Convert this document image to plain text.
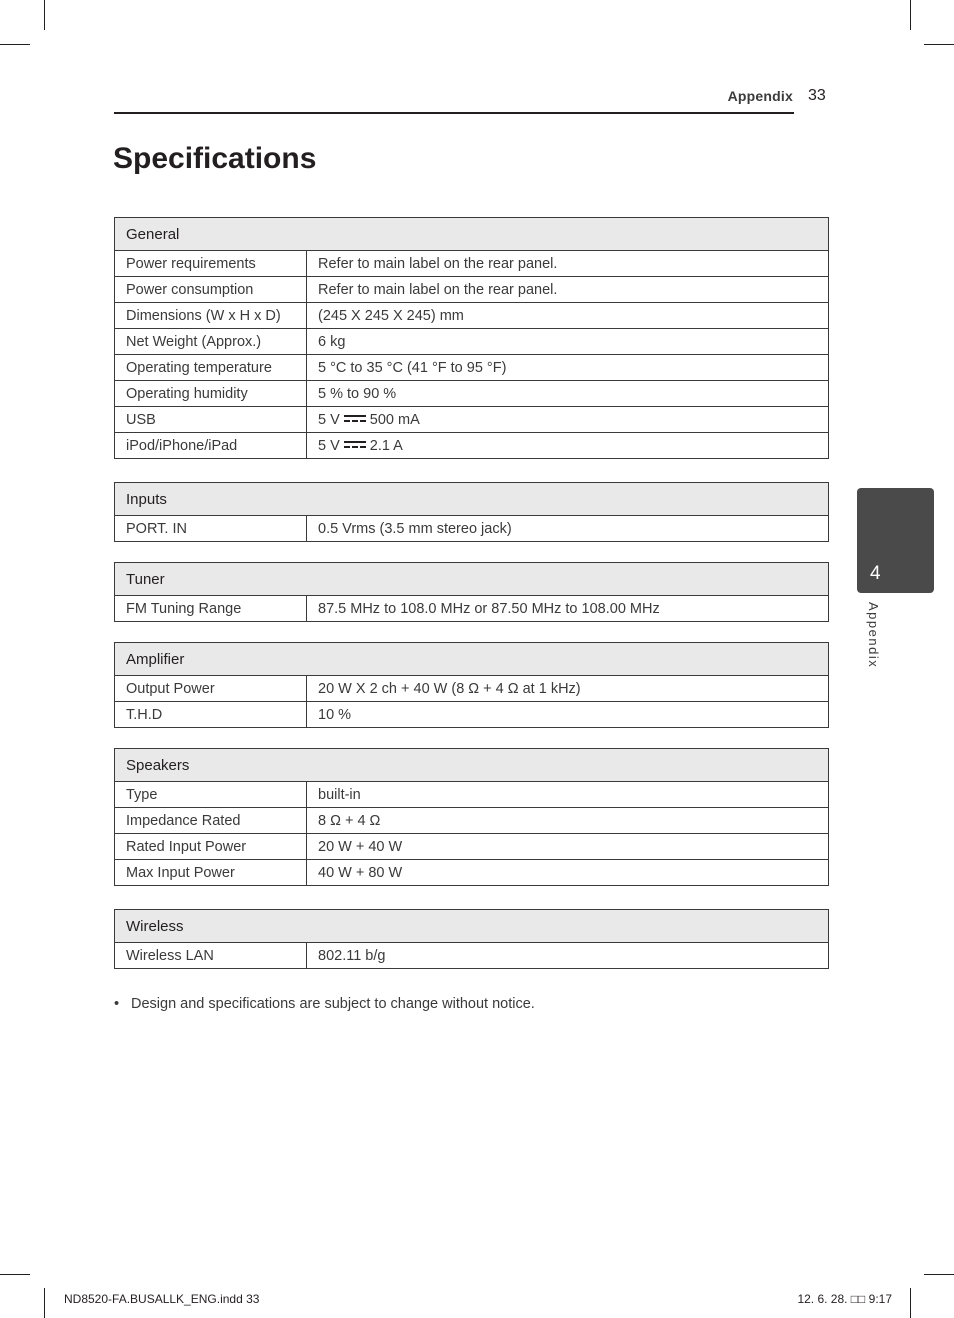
Appendix 33
Specifications
General	
Power requirements	Refer to main label on the rear panel.
Power consumption	Refer to main label on the rear panel.
Dimensions (W x H x D)	(245 X 245 X 245) mm
Net Weight (Approx.)	6 kg
Operating temperature	5 °C to 35 °C (41 °F to 95 °F)
Operating humidity	5 % to 90 %
USB	5 V 500 mA
iPod/iPhone/iPad	5 V 2.1 A
Inputs
PORT. IN	0.5 Vrms (3.5 mm stereo jack)
Tuner
FM Tuning Range	87.5 MHz to 108.0 MHz or 87.50 MHz to 108.00 MHz
Amplifier	
Output Power	20 W X 2 ch + 40 W (8 Ω + 4 Ω at 1 kHz)
T.H.D	10 %
Speakers	
Type	built-in
Impedance Rated	8 Ω + 4 Ω
Rated Input Power	20 W + 40 W
Max Input Power	40 W + 80 W
Wireless
Wireless LAN	802.11 b/g
• Design and specifications are subject to change without notice.
4
Appendix
ND8520-FA.BUSALLK_ENG.indd 33	12. 6. 28. □□ 9:17
